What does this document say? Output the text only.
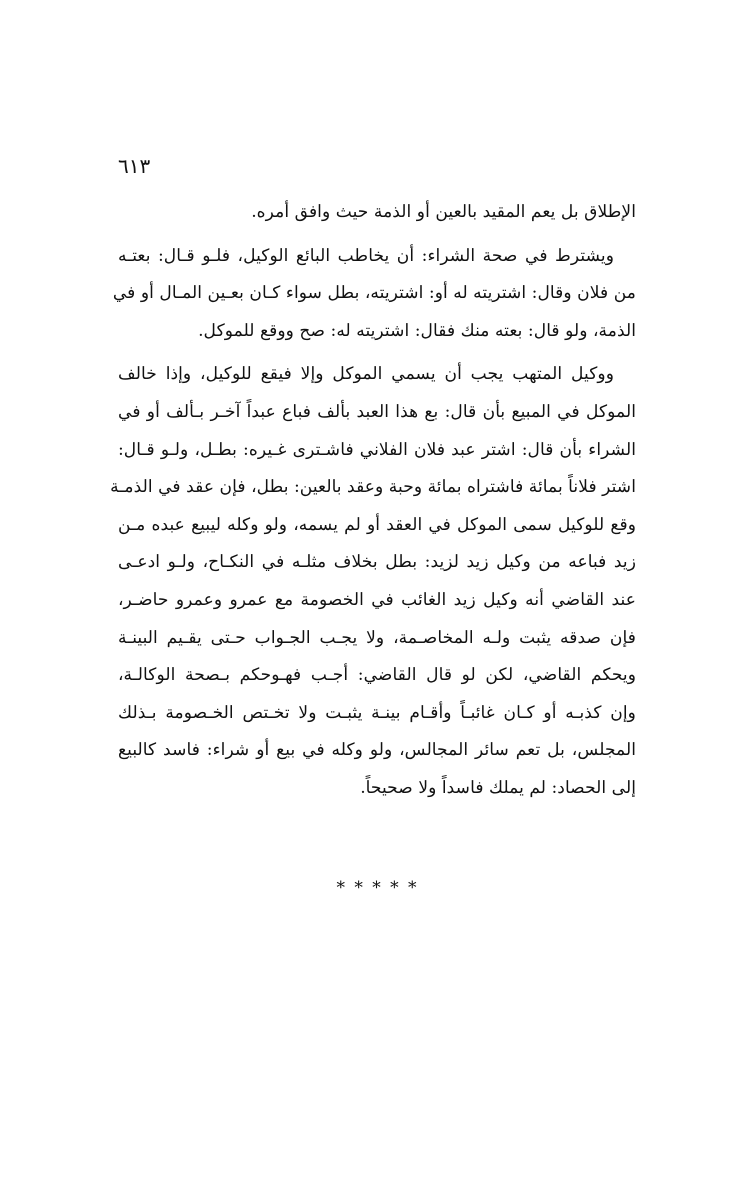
٦١٣

الإطلاق بل يعم المقيد بالعين أو الذمة حيث وافق أمره.

ويشترط في صحة الشراء: أن يخاطب البائع الوكيل، فلـو قـال: بعتـه
من فلان وقال: اشتريته له أو: اشتريته، بطل سواء كـان بعـين المـال أو في
الذمة، ولو قال: بعته منك فقال: اشتريته له: صح ووقع للموكل.

ووكيل المتهب يجب أن يسمي الموكل وإلا فيقع للوكيل، وإذا خالف
الموكل في المبيع بأن قال: بع هذا العبد بألف فباع عبداً آخـر بـألف أو في
الشراء بأن قال: اشتر عبد فلان الفلاني فاشـترى غـيره: بطـل، ولـو قـال:
اشتر فلاناً بمائة فاشتراه بمائة وحبة وعقد بالعين: بطل، فإن عقد في الذمـة
وقع للوكيل سمى الموكل في العقد أو لم يسمه، ولو وكله ليبيع عبده مـن
زيد فباعه من وكيل زيد لزيد: بطل بخلاف مثلـه في النكـاح، ولـو ادعـى
عند القاضي أنه وكيل زيد الغائب في الخصومة مع عمرو وعمرو حاضـر،
فإن صدقه يثبت ولـه المخاصـمة، ولا يجـب الجـواب حـتى يقـيم البينـة
ويحكم القاضي، لكن لو قال القاضي: أجـب فهـوحكم بـصحة الوكالـة،
وإن كذبـه أو كـان غائبـاً وأقـام بينـة يثبـت ولا تخـتص الخـصومة بـذلك
المجلس، بل تعم سائر المجالس، ولو وكله في بيع أو شراء: فاسد كالبيع
إلى الحصاد: لم يملك فاسداً ولا صحيحاً.

* * * * *
